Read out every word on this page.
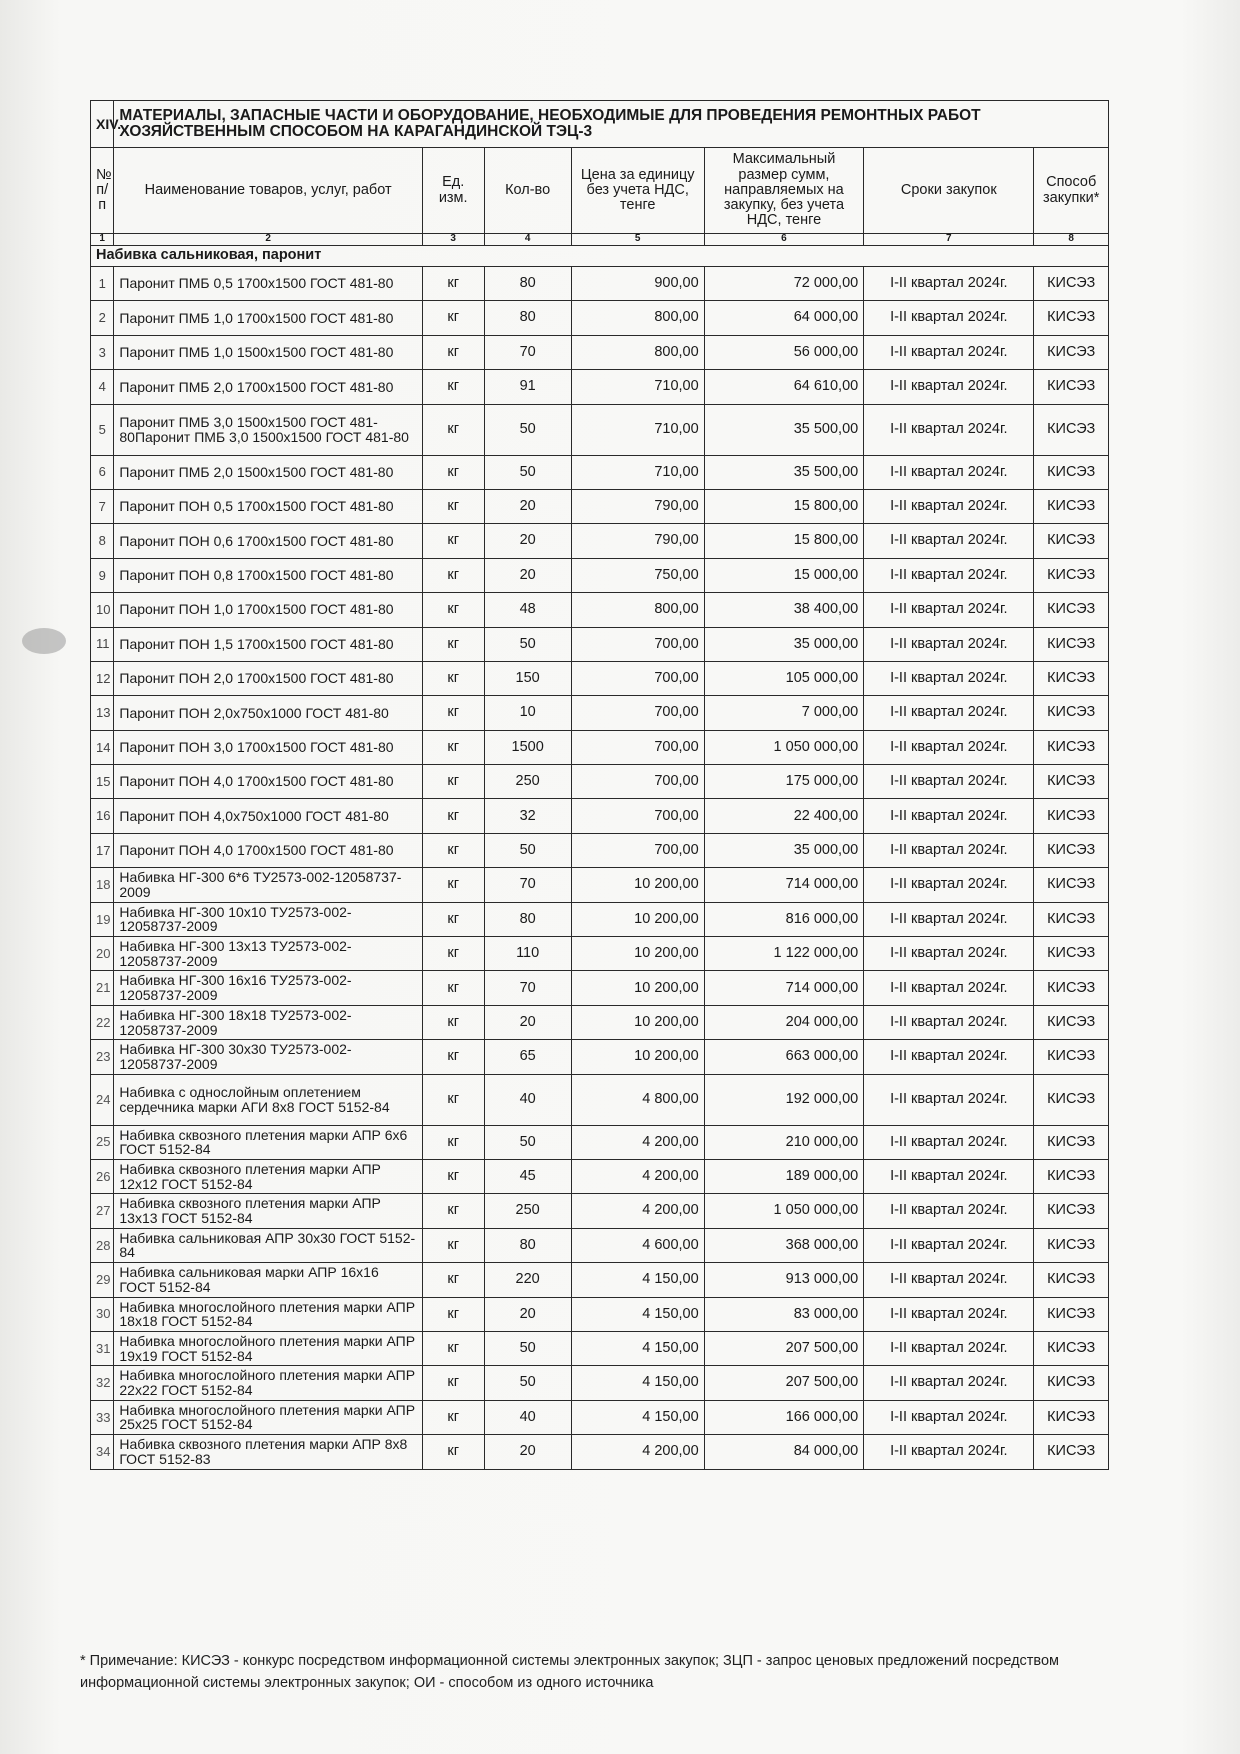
XIV.	МАТЕРИАЛЫ, ЗАПАСНЫЕ ЧАСТИ И ОБОРУДОВАНИЕ, НЕОБХОДИМЫЕ ДЛЯ ПРОВЕДЕНИЯ РЕМОНТНЫХ РАБОТ ХОЗЯЙСТВЕННЫМ СПОСОБОМ НА КАРАГАНДИНСКОЙ ТЭЦ-3						
№ п/п	Наименование товаров, услуг, работ	Ед. изм.	Кол-во	Цена за единицу без учета НДС, тенге	Максимальный размер сумм, направляемых на закупку, без учета НДС, тенге	Сроки закупок	Способ закупки*
1	2	3	4	5	6	7	8
Набивка сальниковая, паронит							
1	Паронит ПМБ 0,5 1700х1500 ГОСТ 481-80	кг	80	900,00	72 000,00	I-II квартал 2024г.	КИСЭЗ
2	Паронит ПМБ 1,0 1700х1500 ГОСТ 481-80	кг	80	800,00	64 000,00	I-II квартал 2024г.	КИСЭЗ
3	Паронит ПМБ 1,0 1500х1500 ГОСТ 481-80	кг	70	800,00	56 000,00	I-II квартал 2024г.	КИСЭЗ
4	Паронит ПМБ 2,0 1700х1500 ГОСТ 481-80	кг	91	710,00	64 610,00	I-II квартал 2024г.	КИСЭЗ
5	Паронит ПМБ 3,0 1500х1500 ГОСТ 481-80Паронит ПМБ 3,0 1500х1500 ГОСТ 481-80	кг	50	710,00	35 500,00	I-II квартал 2024г.	КИСЭЗ
6	Паронит ПМБ 2,0 1500х1500 ГОСТ 481-80	кг	50	710,00	35 500,00	I-II квартал 2024г.	КИСЭЗ
7	Паронит ПОН 0,5 1700х1500 ГОСТ 481-80	кг	20	790,00	15 800,00	I-II квартал 2024г.	КИСЭЗ
8	Паронит ПОН 0,6 1700х1500 ГОСТ 481-80	кг	20	790,00	15 800,00	I-II квартал 2024г.	КИСЭЗ
9	Паронит ПОН 0,8 1700х1500 ГОСТ 481-80	кг	20	750,00	15 000,00	I-II квартал 2024г.	КИСЭЗ
10	Паронит ПОН 1,0 1700х1500 ГОСТ 481-80	кг	48	800,00	38 400,00	I-II квартал 2024г.	КИСЭЗ
11	Паронит ПОН 1,5 1700х1500 ГОСТ 481-80	кг	50	700,00	35 000,00	I-II квартал 2024г.	КИСЭЗ
12	Паронит ПОН 2,0 1700х1500 ГОСТ 481-80	кг	150	700,00	105 000,00	I-II квартал 2024г.	КИСЭЗ
13	Паронит ПОН 2,0х750х1000 ГОСТ 481-80	кг	10	700,00	7 000,00	I-II квартал 2024г.	КИСЭЗ
14	Паронит ПОН 3,0 1700х1500 ГОСТ 481-80	кг	1500	700,00	1 050 000,00	I-II квартал 2024г.	КИСЭЗ
15	Паронит ПОН 4,0 1700х1500 ГОСТ 481-80	кг	250	700,00	175 000,00	I-II квартал 2024г.	КИСЭЗ
16	Паронит ПОН 4,0х750х1000 ГОСТ 481-80	кг	32	700,00	22 400,00	I-II квартал 2024г.	КИСЭЗ
17	Паронит ПОН 4,0 1700х1500 ГОСТ 481-80	кг	50	700,00	35 000,00	I-II квартал 2024г.	КИСЭЗ
18	Набивка НГ-300 6*6 ТУ2573-002-12058737-2009	кг	70	10 200,00	714 000,00	I-II квартал 2024г.	КИСЭЗ
19	Набивка НГ-300 10х10 ТУ2573-002-12058737-2009	кг	80	10 200,00	816 000,00	I-II квартал 2024г.	КИСЭЗ
20	Набивка НГ-300 13х13 ТУ2573-002-12058737-2009	кг	110	10 200,00	1 122 000,00	I-II квартал 2024г.	КИСЭЗ
21	Набивка НГ-300 16х16 ТУ2573-002-12058737-2009	кг	70	10 200,00	714 000,00	I-II квартал 2024г.	КИСЭЗ
22	Набивка НГ-300 18х18 ТУ2573-002-12058737-2009	кг	20	10 200,00	204 000,00	I-II квартал 2024г.	КИСЭЗ
23	Набивка НГ-300 30х30 ТУ2573-002-12058737-2009	кг	65	10 200,00	663 000,00	I-II квартал 2024г.	КИСЭЗ
24	Набивка с однослойным оплетением сердечника марки АГИ 8х8 ГОСТ 5152-84	кг	40	4 800,00	192 000,00	I-II квартал 2024г.	КИСЭЗ
25	Набивка сквозного плетения марки АПР 6х6 ГОСТ 5152-84	кг	50	4 200,00	210 000,00	I-II квартал 2024г.	КИСЭЗ
26	Набивка сквозного плетения марки АПР 12х12 ГОСТ 5152-84	кг	45	4 200,00	189 000,00	I-II квартал 2024г.	КИСЭЗ
27	Набивка сквозного плетения марки АПР 13х13 ГОСТ 5152-84	кг	250	4 200,00	1 050 000,00	I-II квартал 2024г.	КИСЭЗ
28	Набивка сальниковая АПР 30х30 ГОСТ 5152-84	кг	80	4 600,00	368 000,00	I-II квартал 2024г.	КИСЭЗ
29	Набивка сальниковая марки АПР 16х16 ГОСТ 5152-84	кг	220	4 150,00	913 000,00	I-II квартал 2024г.	КИСЭЗ
30	Набивка многослойного плетения марки АПР 18х18 ГОСТ 5152-84	кг	20	4 150,00	83 000,00	I-II квартал 2024г.	КИСЭЗ
31	Набивка многослойного плетения марки АПР 19х19 ГОСТ 5152-84	кг	50	4 150,00	207 500,00	I-II квартал 2024г.	КИСЭЗ
32	Набивка многослойного плетения марки АПР 22х22 ГОСТ 5152-84	кг	50	4 150,00	207 500,00	I-II квартал 2024г.	КИСЭЗ
33	Набивка многослойного плетения марки АПР 25х25 ГОСТ 5152-84	кг	40	4 150,00	166 000,00	I-II квартал 2024г.	КИСЭЗ
34	Набивка сквозного плетения марки АПР 8х8 ГОСТ 5152-83	кг	20	4 200,00	84 000,00	I-II квартал 2024г.	КИСЭЗ
* Примечание: КИСЭЗ - конкурс посредством информационной системы электронных закупок; ЗЦП - запрос ценовых предложений посредством информационной системы электронных закупок; ОИ - способом из одного источника
